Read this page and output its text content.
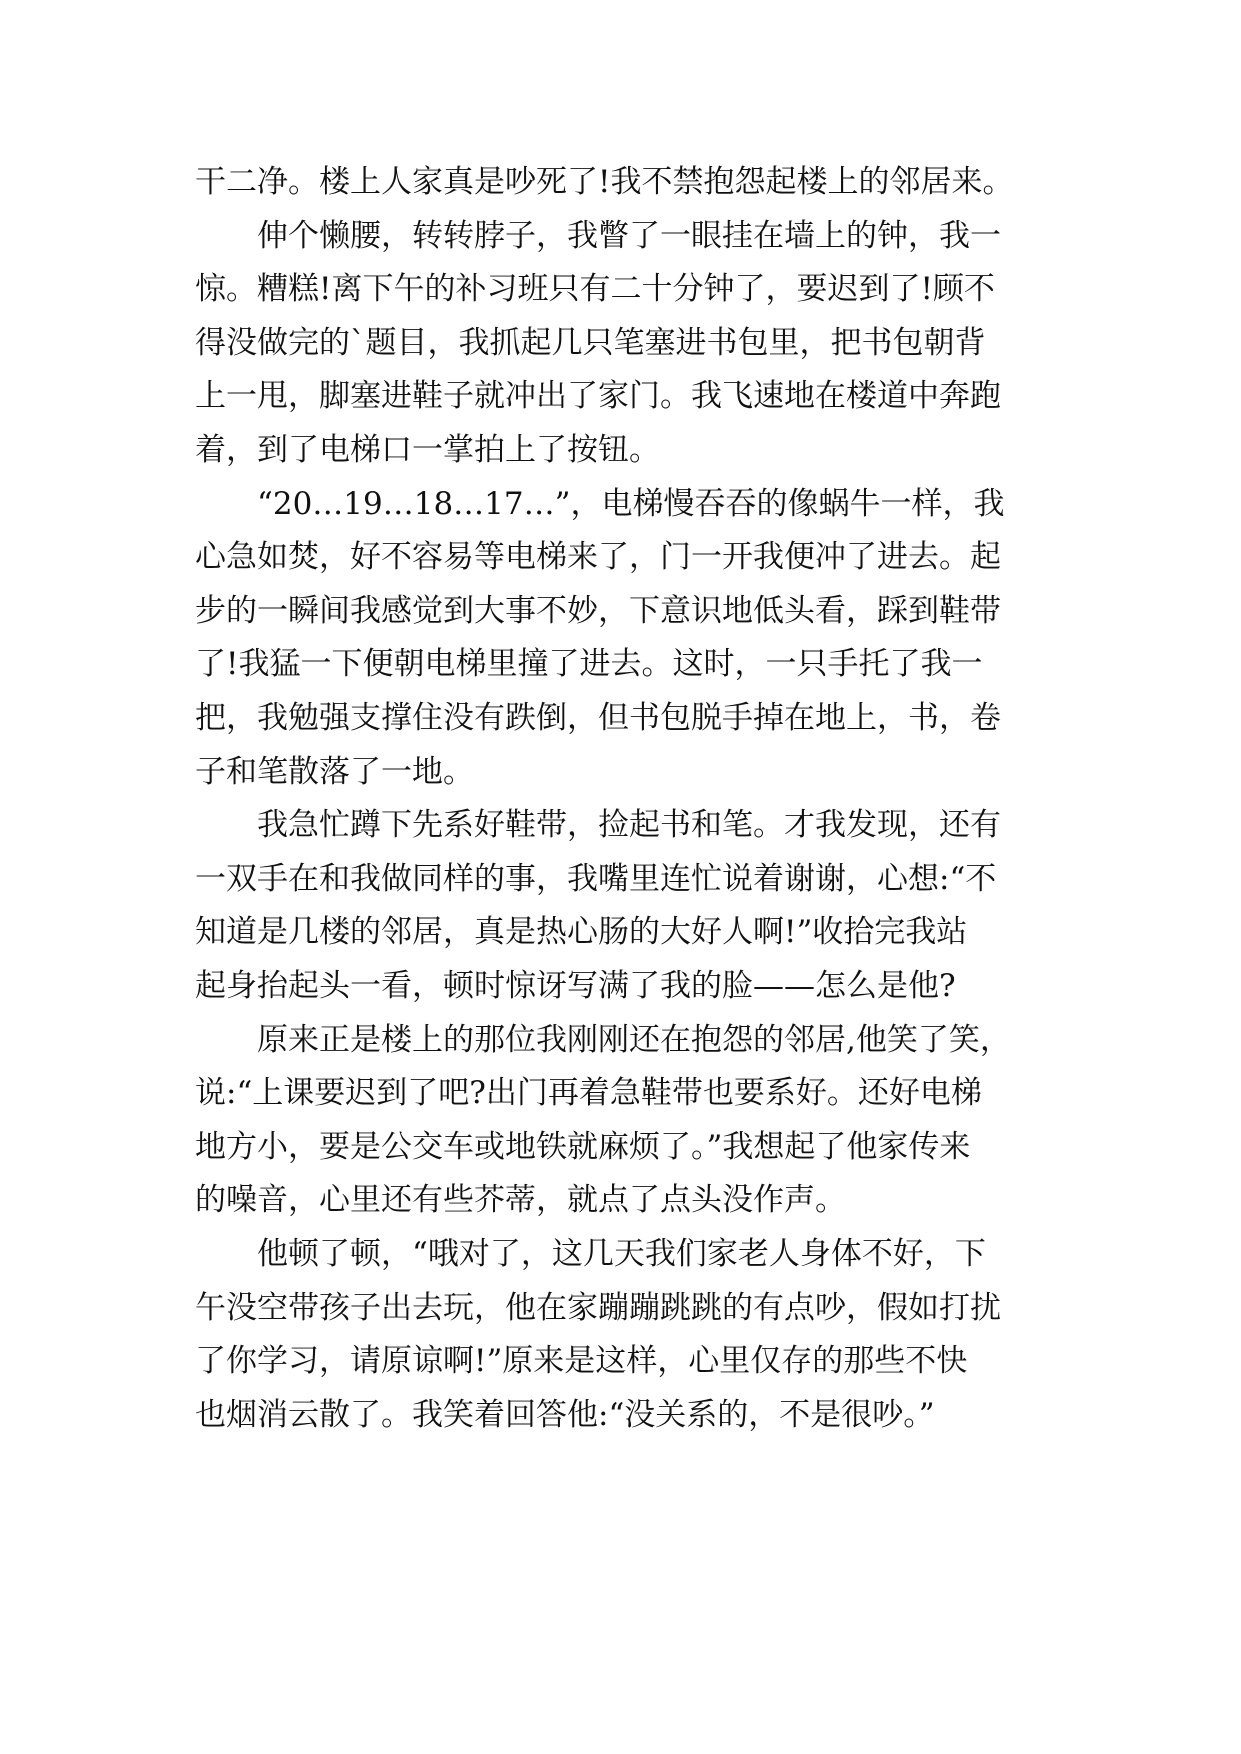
干二净。楼上人家真是吵死了!我不禁抱怨起楼上的邻居来。
　　伸个懒腰，转转脖子，我瞥了一眼挂在墙上的钟，我一
惊。糟糕!离下午的补习班只有二十分钟了，要迟到了!顾不
得没做完的`题目，我抓起几只笔塞进书包里，把书包朝背
上一甩，脚塞进鞋子就冲出了家门。我飞速地在楼道中奔跑
着，到了电梯口一掌拍上了按钮。
　　“20…19…18…17…”，电梯慢吞吞的像蜗牛一样，我
心急如焚，好不容易等电梯来了，门一开我便冲了进去。起
步的一瞬间我感觉到大事不妙，下意识地低头看，踩到鞋带
了!我猛一下便朝电梯里撞了进去。这时，一只手托了我一
把，我勉强支撑住没有跌倒，但书包脱手掉在地上，书，卷
子和笔散落了一地。
　　我急忙蹲下先系好鞋带，捡起书和笔。才我发现，还有
一双手在和我做同样的事，我嘴里连忙说着谢谢，心想:“不
知道是几楼的邻居，真是热心肠的大好人啊!”收拾完我站
起身抬起头一看，顿时惊讶写满了我的脸——怎么是他?
　　原来正是楼上的那位我刚刚还在抱怨的邻居,他笑了笑，
说:“上课要迟到了吧?出门再着急鞋带也要系好。还好电梯
地方小，要是公交车或地铁就麻烦了。”我想起了他家传来
的噪音，心里还有些芥蒂，就点了点头没作声。
　　他顿了顿，“哦对了，这几天我们家老人身体不好，下
午没空带孩子出去玩，他在家蹦蹦跳跳的有点吵，假如打扰
了你学习，请原谅啊!”原来是这样，心里仅存的那些不快
也烟消云散了。我笑着回答他:“没关系的，不是很吵。”
